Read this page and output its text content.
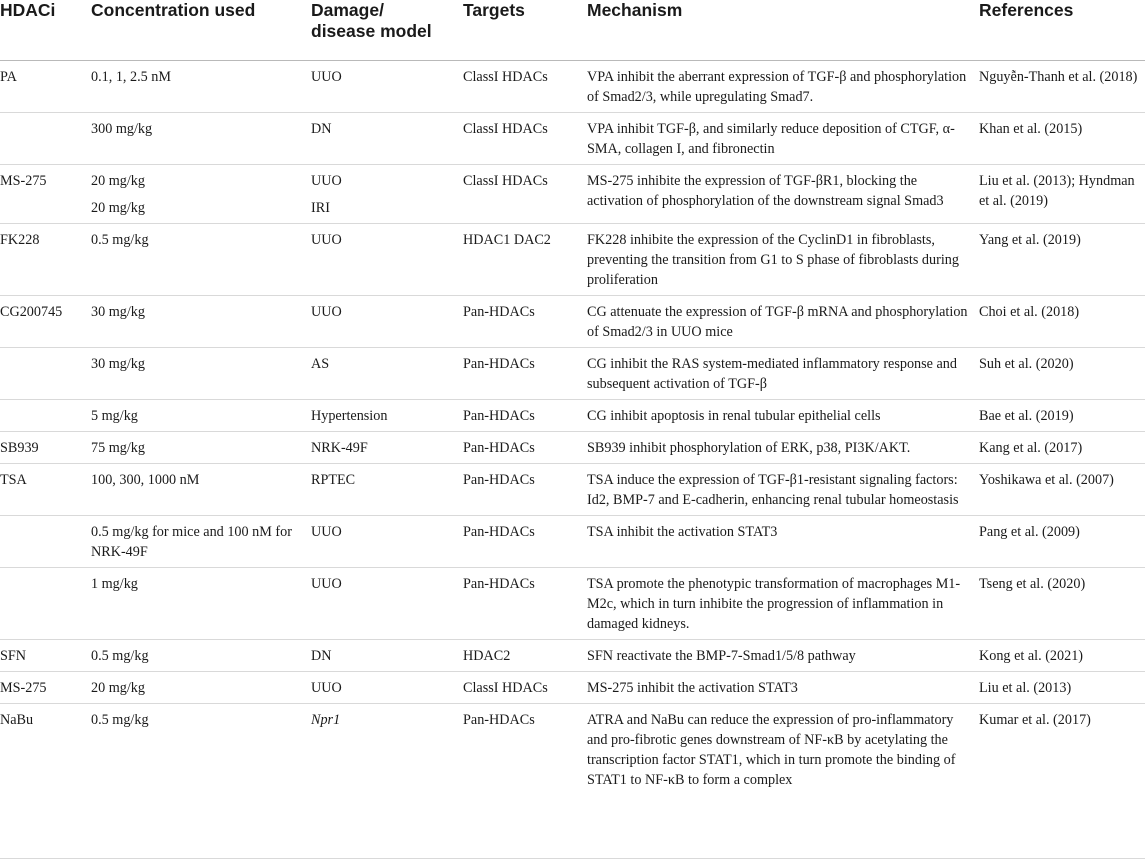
HDACi	Concentration used	Damage/
disease model	Targets	Mechanism	References

PA	0.1, 1, 2.5 nM	UUO	ClassI HDACs	VPA inhibit the aberrant expression of TGF-β and phosphorylation of Smad2/3, while upregulating Smad7.	Nguyễn-Thanh et al. (2018)

	300 mg/kg	DN	ClassI HDACs	VPA inhibit TGF-β, and similarly reduce deposition of CTGF, α-SMA, collagen I, and fibronectin	Khan et al. (2015)

MS-275	20 mg/kg	UUO	ClassI HDACs	MS-275 inhibite the expression of TGF-βR1, blocking the activation of phosphorylation of the downstream signal Smad3	Liu et al. (2013); Hyndman et al. (2019)

	20 mg/kg	IRI			

FK228	0.5 mg/kg	UUO	HDAC1 DAC2	FK228 inhibite the expression of the CyclinD1 in fibroblasts, preventing the transition from G1 to S phase of fibroblasts during proliferation	Yang et al. (2019)

CG200745	30 mg/kg	UUO	Pan-HDACs	CG attenuate the expression of TGF-β mRNA and phosphorylation of Smad2/3 in UUO mice	Choi et al. (2018)

	30 mg/kg	AS	Pan-HDACs	CG inhibit the RAS system-mediated inflammatory response and subsequent activation of TGF-β	Suh et al. (2020)

	5 mg/kg	Hypertension	Pan-HDACs	CG inhibit apoptosis in renal tubular epithelial cells	Bae et al. (2019)

SB939	75 mg/kg	NRK-49F	Pan-HDACs	SB939 inhibit phosphorylation of ERK, p38, PI3K/AKT.	Kang et al. (2017)

TSA	100, 300, 1000 nM	RPTEC	Pan-HDACs	TSA induce the expression of TGF-β1-resistant signaling factors: Id2, BMP-7 and E-cadherin, enhancing renal tubular homeostasis	Yoshikawa et al. (2007)

	0.5 mg/kg for mice and 100 nM for NRK-49F	UUO	Pan-HDACs	TSA inhibit the activation STAT3	Pang et al. (2009)

	1 mg/kg	UUO	Pan-HDACs	TSA promote the phenotypic transformation of macrophages M1-M2c, which in turn inhibite the progression of inflammation in damaged kidneys.	Tseng et al. (2020)

SFN	0.5 mg/kg	DN	HDAC2	SFN reactivate the BMP-7-Smad1/5/8 pathway	Kong et al. (2021)

MS-275	20 mg/kg	UUO	ClassI HDACs	MS-275 inhibit the activation STAT3	Liu et al. (2013)

NaBu	0.5 mg/kg	Npr1	Pan-HDACs	ATRA and NaBu can reduce the expression of pro-inflammatory and pro-fibrotic genes downstream of NF-κB by acetylating the transcription factor STAT1, which in turn promote the binding of STAT1 to NF-κB to form a complex	Kumar et al. (2017)
